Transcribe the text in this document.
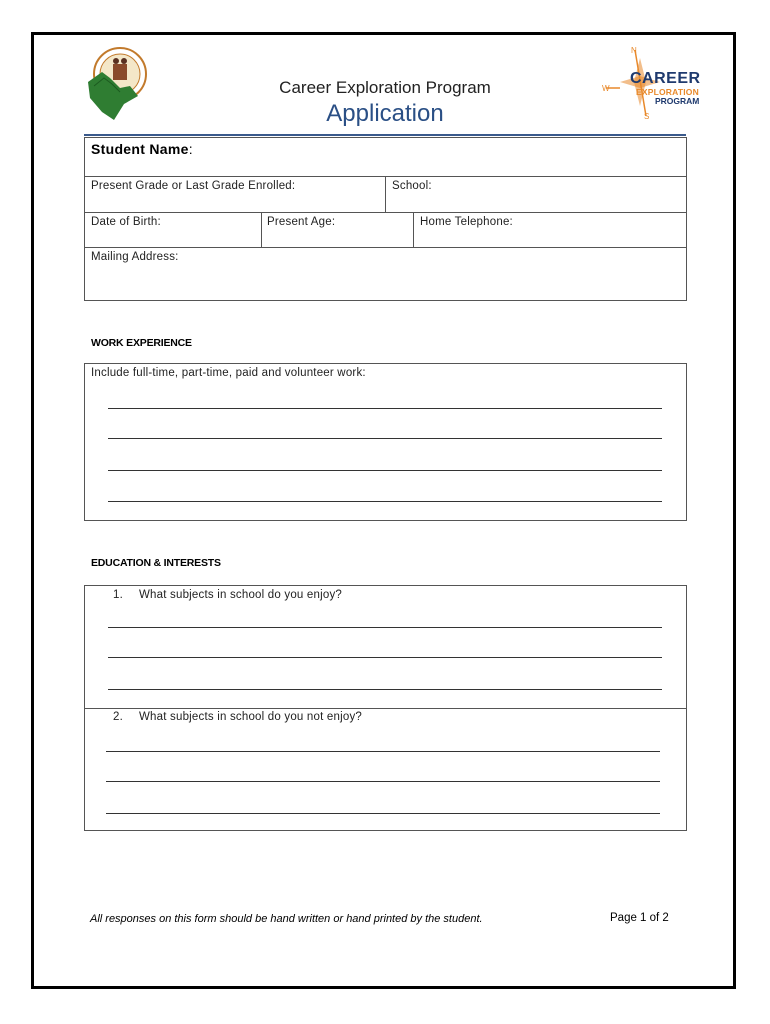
N
S
W
CAREER
EXPLORATION
PROGRAM
Career Exploration Program
Application
Student Name:
Present Grade or Last Grade Enrolled:	School:
Date of Birth:	Present Age:	Home Telephone:
Mailing Address:
WORK EXPERIENCE
Include full-time, part-time, paid and volunteer work:
EDUCATION & INTERESTS
1. What subjects in school do you enjoy?
2. What subjects in school do you not enjoy?
All responses on this form should be hand written or hand printed by the student.	Page 1 of 2
